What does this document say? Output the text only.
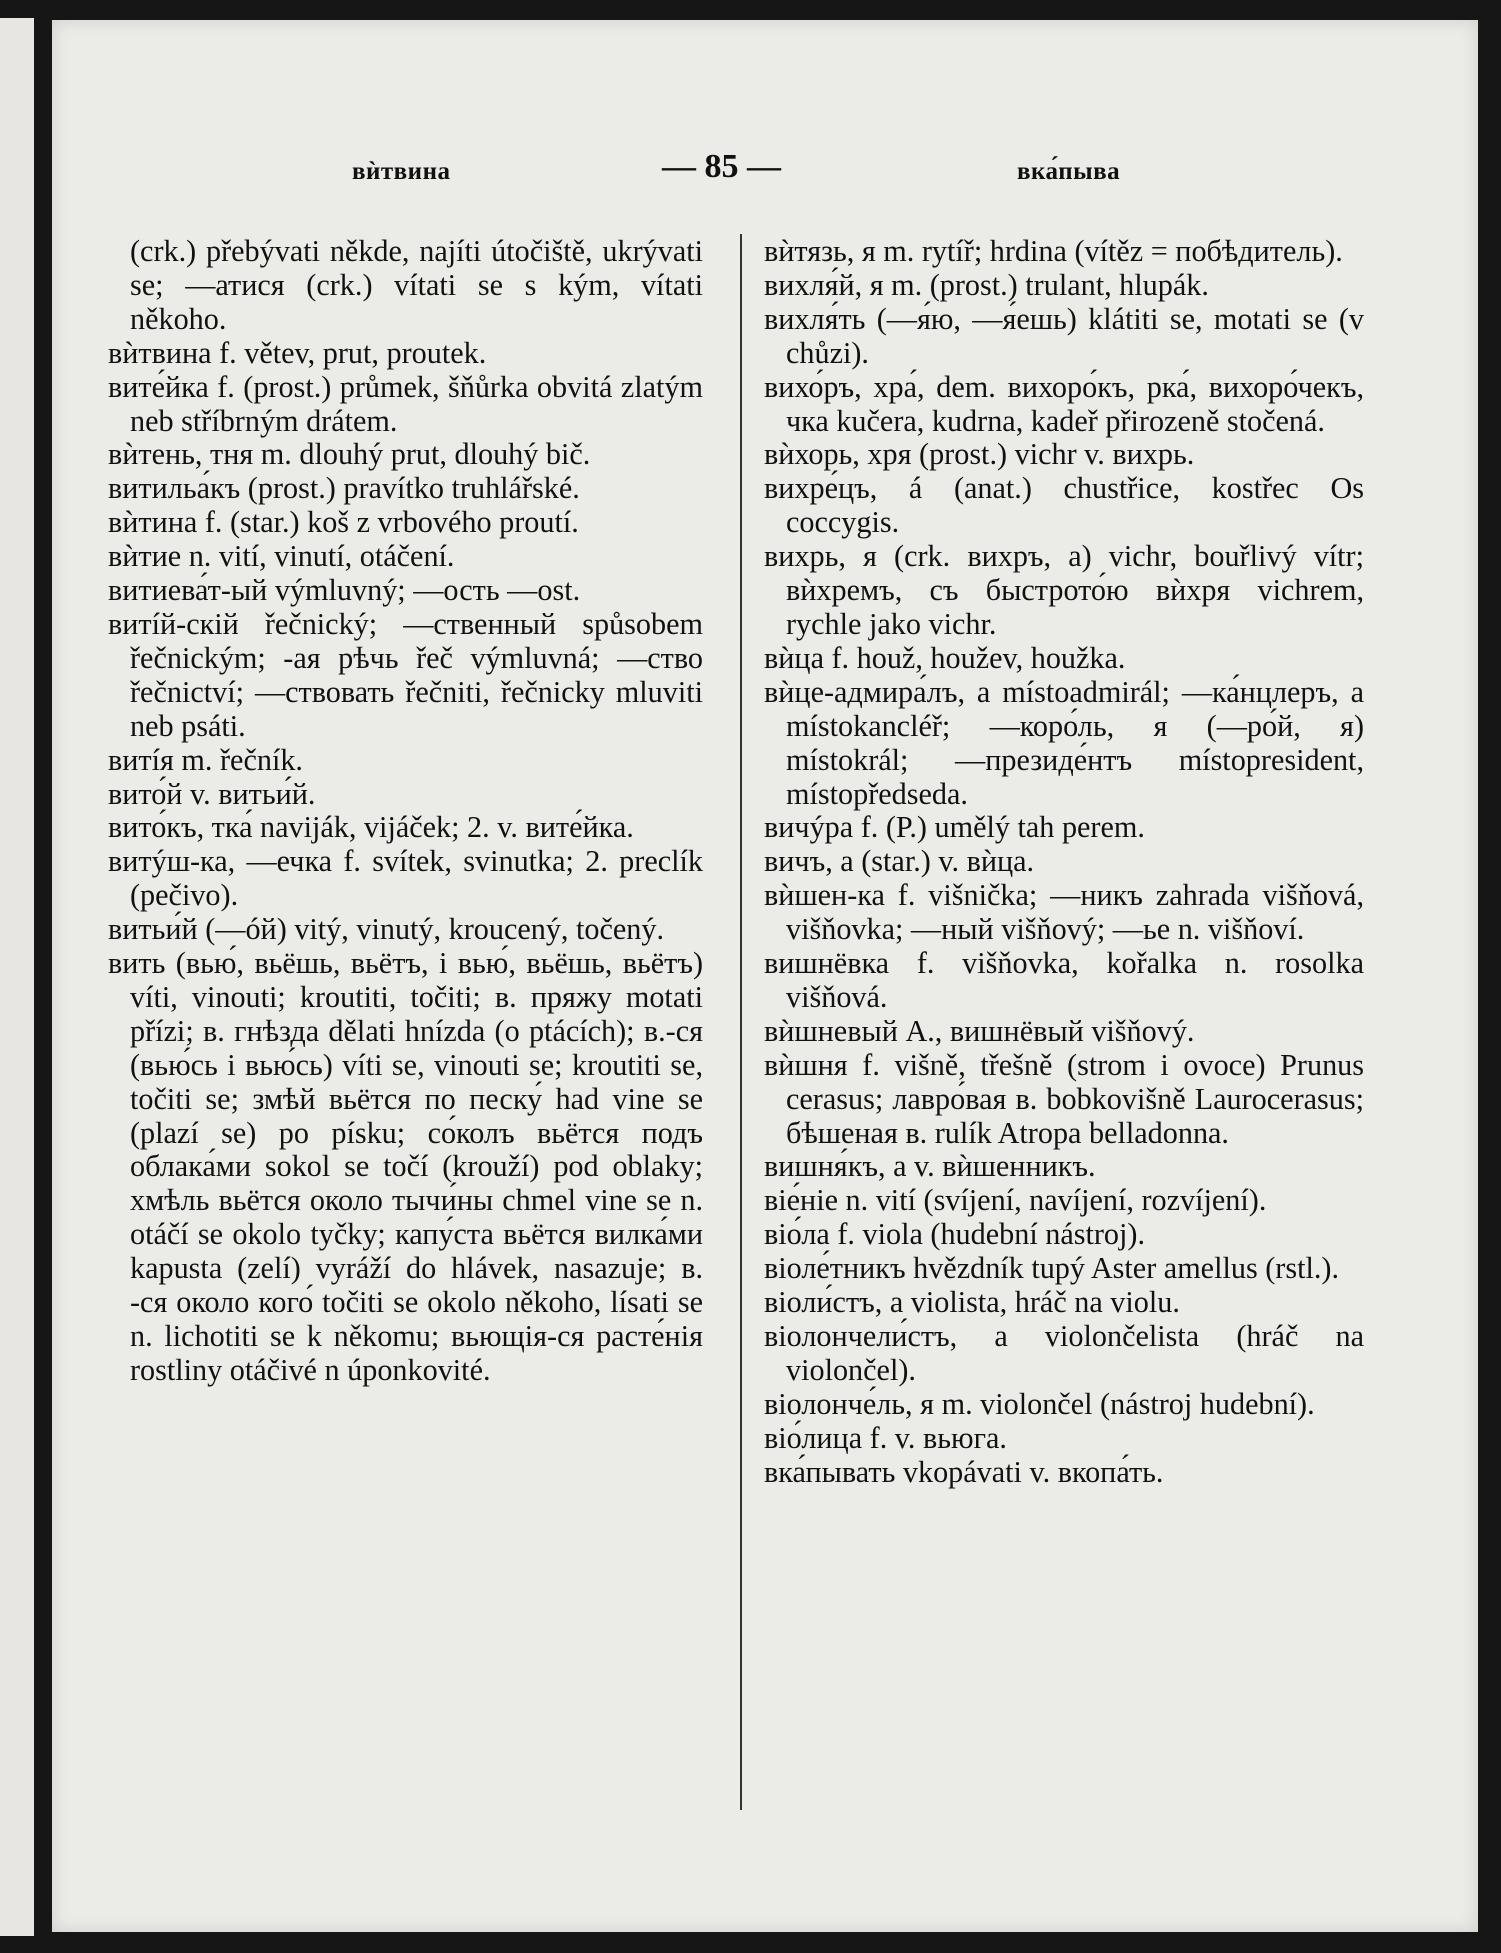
вѝтвина	— 85 —	вка́пыва

(crk.) přebývati někde, najíti útočiště, ukrývati se; —атися (crk.) vítati se s kým, vítati někoho.

вѝтвина f. větev, prut, proutek.

вите́йка f. (prost.) průmek, šňůrka obvitá zlatým neb stříbrným drátem.

вѝтень, тня m. dlouhý prut, dlouhý bič.

витильа́къ (prost.) pravítko truhlářské.

вѝтина f. (star.) koš z vrbového proutí.

вѝтие n. vití, vinutí, otáčení.

витиева́т-ый výmluvný; —ость —ost.

витíй-скій řečnický; —ственный spůsobem řečnickým; -ая рѣчь řeč výmluvná; —ство řečnictví; —ствовать řečniti, řečnicky mluviti neb psáti.

витíя m. řečník.

вито́й v. витьи́й.

вито́къ, тка́ naviják, vijáček; 2. v. вите́йка.

витýш-ка, —ечка f. svítek, svinutka; 2. preclík (pečivo).

витьи́й (—óй) vitý, vinutý, kroucený, točený.

вить (вью́, вьёшь, вьётъ, i вью́, вьёшь, вьётъ) víti, vinouti; kroutiti, točiti; в. пряжу motati přízi; в. гнѣзда dělati hnízda (o ptácích); в.-ся (вью́сь i вью́сь) víti se, vinouti se; kroutiti se, točiti se; змѣй вьётся по песку́ had vine se (plazí se) po písku; со́колъ вьётся подъ облака́ми sokol se točí (krouží) pod oblaky; хмѣль вьётся около тычи́ны chmel vine se n. otáčí se okolo tyčky; капу́ста вьётся вилка́ми kapusta (zelí) vyráží do hlávek, nasazuje; в. -ся около кого́ točiti se okolo někoho, lísati se n. lichotiti se k někomu; вьющія-ся расте́нія rostliny otáčivé n úponkovité.

вѝтязь, я m. rytíř; hrdina (vítěz = побѣдитель).

вихля́й, я m. (prost.) trulant, hlupák.

вихля́ть (—я́ю, —я́ешь) klátiti se, motati se (v chůzi).

вихо́ръ, хра́, dem. вихоро́къ, рка́, вихоро́чекъ, чка kučera, kudrna, kadeř přirozeně stočená.

вѝхорь, хря (prost.) vichr v. вихрь.

вихре́цъ, á (anat.) chustřice, kostřec Os coccygis.

вихрь, я (crk. вихръ, a) vichr, bouřlivý vítr; вѝхремъ, съ быстрото́ю вѝхря vichrem, rychle jako vichr.

вѝца f. houž, houžev, houžka.

вѝце-адмира́лъ, a místoadmirál; —ка́нцлеръ, a místokancléř; —коро́ль, я (—ро́й, я) místokrál; —президе́нтъ místopresident, místopředseda.

вичýра f. (P.) umělý tah perem.

вичъ, a (star.) v. вѝца.

вѝшен-ка f. višnička; —никъ zahrada višňová, višňovka; —ный višňový; —ье n. višňoví.

вишнёвка f. višňovka, kořalka n. rosolka višňová.

вѝшневый A., вишнёвый višňový.

вѝшня f. višně, třešně (strom i ovoce) Prunus cerasus; лавро́вая в. bobkovišně Laurocerasus; бѣшеная в. rulík Atropa belladonna.

вишня́къ, a v. вѝшенникъ.

віе́ніе n. vití (svíjení, navíjení, rozvíjení).

віо́ла f. viola (hudební nástroj).

віоле́тникъ hvězdník tupý Aster amellus (rstl.).

віоли́стъ, a violista, hráč na violu.

віолончели́стъ, a violončelista (hráč na violončel).

віолонче́ль, я m. violončel (nástroj hudební).

віо́лица f. v. вьюга.

вка́пывать vkopávati v. вкопа́ть.
